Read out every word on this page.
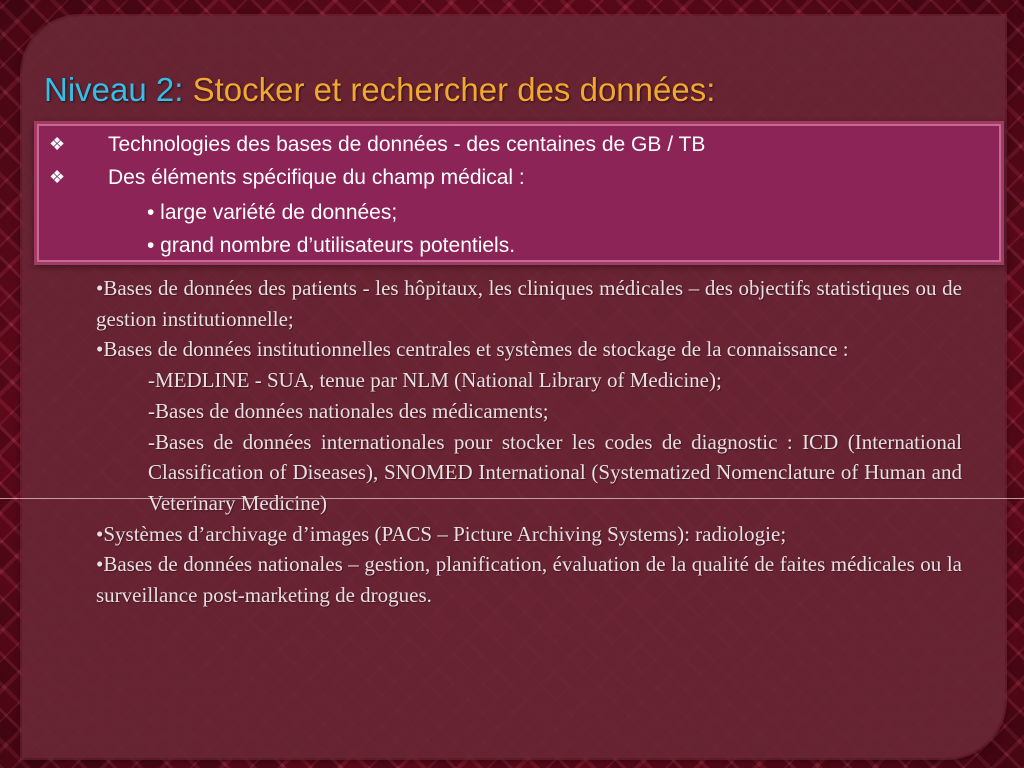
Niveau 2: Stocker et rechercher des données:
❖ Technologies des bases de données - des centaines de GB / TB
❖ Des éléments spécifique du champ médical :
• large variété de données;
• grand nombre d’utilisateurs potentiels.

•Bases de données des patients - les hôpitaux, les cliniques médicales – des objectifs statistiques ou de gestion institutionnelle;

•Bases de données institutionnelles centrales et systèmes de stockage de la connaissance :

-MEDLINE - SUA, tenue par NLM (National Library of Medicine);

-Bases de données nationales des médicaments;

-Bases de données internationales pour stocker les codes de diagnostic : ICD (International Classification of Diseases), SNOMED International (Systematized Nomenclature of Human and Veterinary Medicine)

•Systèmes d’archivage d’images (PACS – Picture Archiving Systems): radiologie;

•Bases de données nationales – gestion, planification, évaluation de la qualité de faites médicales ou la surveillance post-marketing de drogues.
